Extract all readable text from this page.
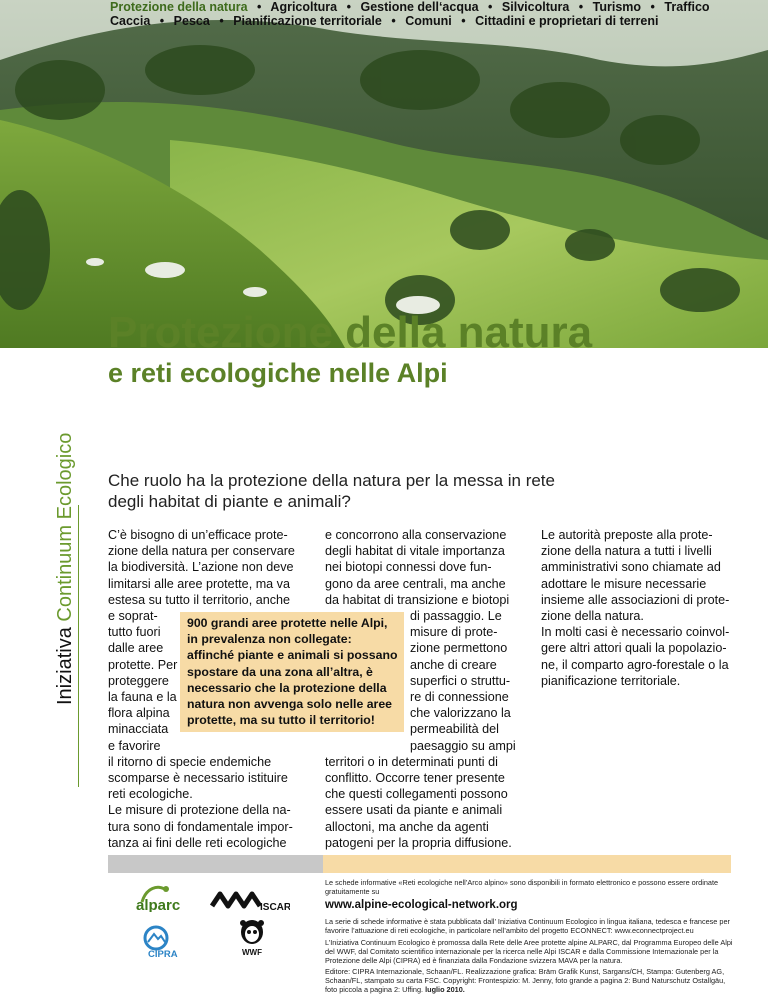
Protezione della natura • Agricoltura • Gestione dell‘acqua • Silvicoltura • Turismo • Traffico
Caccia • Pesca • Pianificazione territoriale • Comuni • Cittadini e proprietari di terreni
Protezione della natura
e reti ecologiche nelle Alpi
Che ruolo ha la protezione della natura per la messa in rete degli habitat di piante e animali?
Iniziativa Continuum Ecologico	C’è bisogno di un’efficace prote-

zione della natura per conservare

la biodiversità. L’azione non deve

limitarsi alle aree protette, ma va

estesa su tutto il territorio, anche

e soprat-

tutto fuori

dalle aree

protette. Per

proteggere

la fauna e la

flora alpina

minacciata

e favorire

il ritorno di specie endemiche

scomparse è necessario istituire

reti ecologiche.

Le misure di protezione della na-

tura sono di fondamentale impor-

tanza ai fini delle reti ecologiche

e concorrono alla conservazione

degli habitat di vitale importanza

nei biotopi connessi dove fun-

gono da aree centrali, ma anche

da habitat di transizione e biotopi

di passaggio. Le

misure di prote-

zione permettono

anche di creare

superfici o struttu-

re di connessione

che valorizzano la

permeabilità del

paesaggio su ampi

territori o in determinati punti di

conflitto. Occorre tener presente

che questi collegamenti possono

essere usati da piante e animali

alloctoni, ma anche da agenti

patogeni per la propria diffusione.

Le autorità preposte alla prote-

zione della natura a tutti i livelli

amministrativi sono chiamate ad

adottare le misure necessarie

insieme alle associazioni di prote-

zione della natura.

In molti casi è necessario coinvol-

gere altri attori quali la popolazio-

ne, il comparto agro-forestale o la

pianificazione territoriale.

900 grandi aree protette nelle Alpi, in prevalenza non collegate: affinché piante e animali si possano spostare da una zona all’altra, è necessario che la protezione della natura non avvenga solo nelle aree protette, ma su tutto il territorio!
alparc	ISCAR
CIPRA	WWF
Le schede informative «Reti ecologiche nell’Arco alpino» sono disponibili in formato elettronico e possono essere ordinate gratuitamente su
www.alpine-ecological-network.org
La serie di schede informative è stata pubblicata dall’ Iniziativa Continuum Ecologico in lingua italiana, tedesca e francese per favorire l’attuazione di reti ecologiche, in particolare nell’ambito del progetto ECONNECT: www.econnectproject.eu
L’Iniziativa Continuum Ecologico è promossa dalla Rete delle Aree protette alpine ALPARC, dal Programma Europeo delle Alpi del WWF, dal Comitato scientifico internazionale per la ricerca nelle Alpi ISCAR e dalla Commissione Internazionale per la Protezione delle Alpi (CIPRA) ed è finanziata dalla Fondazione svizzera MAVA per la natura.
Editore: CIPRA Internazionale, Schaan/FL. Realizzazione grafica: Bräm Grafik Kunst, Sargans/CH, Stampa: Gutenberg AG, Schaan/FL, stampato su carta FSC. Copyright: Frontespizio: M. Jenny, foto grande a pagina 2: Bund Naturschutz Ostallgäu, foto piccola a pagina 2: Uffing. luglio 2010.
